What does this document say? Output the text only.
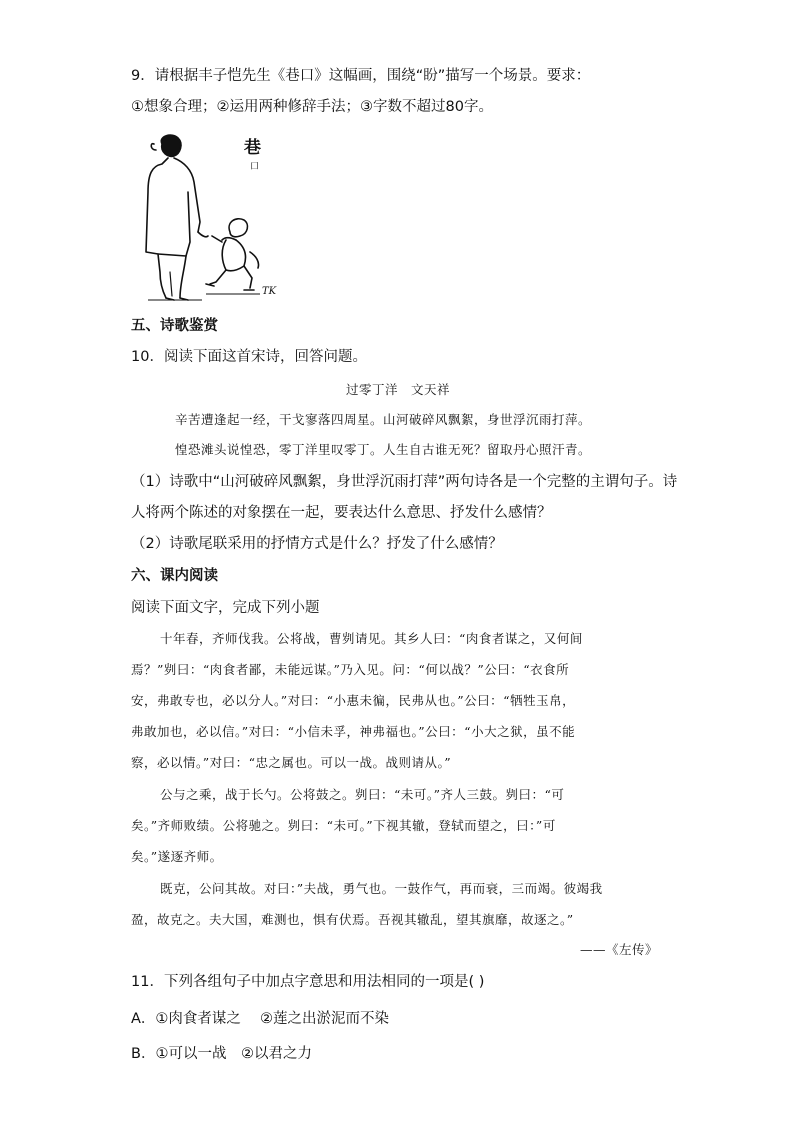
9．请根据丰子恺先生《巷口》这幅画，围绕“盼”描写一个场景。要求：
①想象合理；②运用两种修辞手法；③字数不超过80字。
巷
口
TK
五、诗歌鉴赏
10．阅读下面这首宋诗，回答问题。
过零丁洋　文天祥
辛苦遭逢起一经，干戈寥落四周星。山河破碎风飘絮，身世浮沉雨打萍。
惶恐滩头说惶恐，零丁洋里叹零丁。人生自古谁无死？留取丹心照汗青。
（1）诗歌中“山河破碎风飘絮，身世浮沉雨打萍”两句诗各是一个完整的主谓句子。诗
人将两个陈述的对象摆在一起，要表达什么意思、抒发什么感情？
（2）诗歌尾联采用的抒情方式是什么？抒发了什么感情？
六、课内阅读
阅读下面文字，完成下列小题
十年春，齐师伐我。公将战，曹刿请见。其乡人曰：“肉食者谋之，又何间
焉？”刿曰：“肉食者鄙，未能远谋。”乃入见。问：“何以战？”公曰：“衣食所
安，弗敢专也，必以分人。”对曰：“小惠未徧，民弗从也。”公曰：“牺牲玉帛，
弗敢加也，必以信。”对曰：“小信未孚，神弗福也。”公曰：“小大之狱，虽不能
察，必以情。”对曰：“忠之属也。可以一战。战则请从。”
公与之乘，战于长勺。公将鼓之。刿曰：“未可。”齐人三鼓。刿曰：“可
矣。”齐师败绩。公将驰之。刿曰：“未可。”下视其辙，登轼而望之，曰：”可
矣。”遂逐齐师。
既克，公问其故。对曰：”夫战，勇气也。一鼓作气，再而衰，三而竭。彼竭我
盈，故克之。夫大国，难测也，惧有伏焉。吾视其辙乱，望其旗靡，故逐之。”
——《左传》
11．下列各组句子中加点字意思和用法相同的一项是( )
A．①肉食者谋之　 ②莲之出淤泥而不染
B．①可以一战　②以君之力
